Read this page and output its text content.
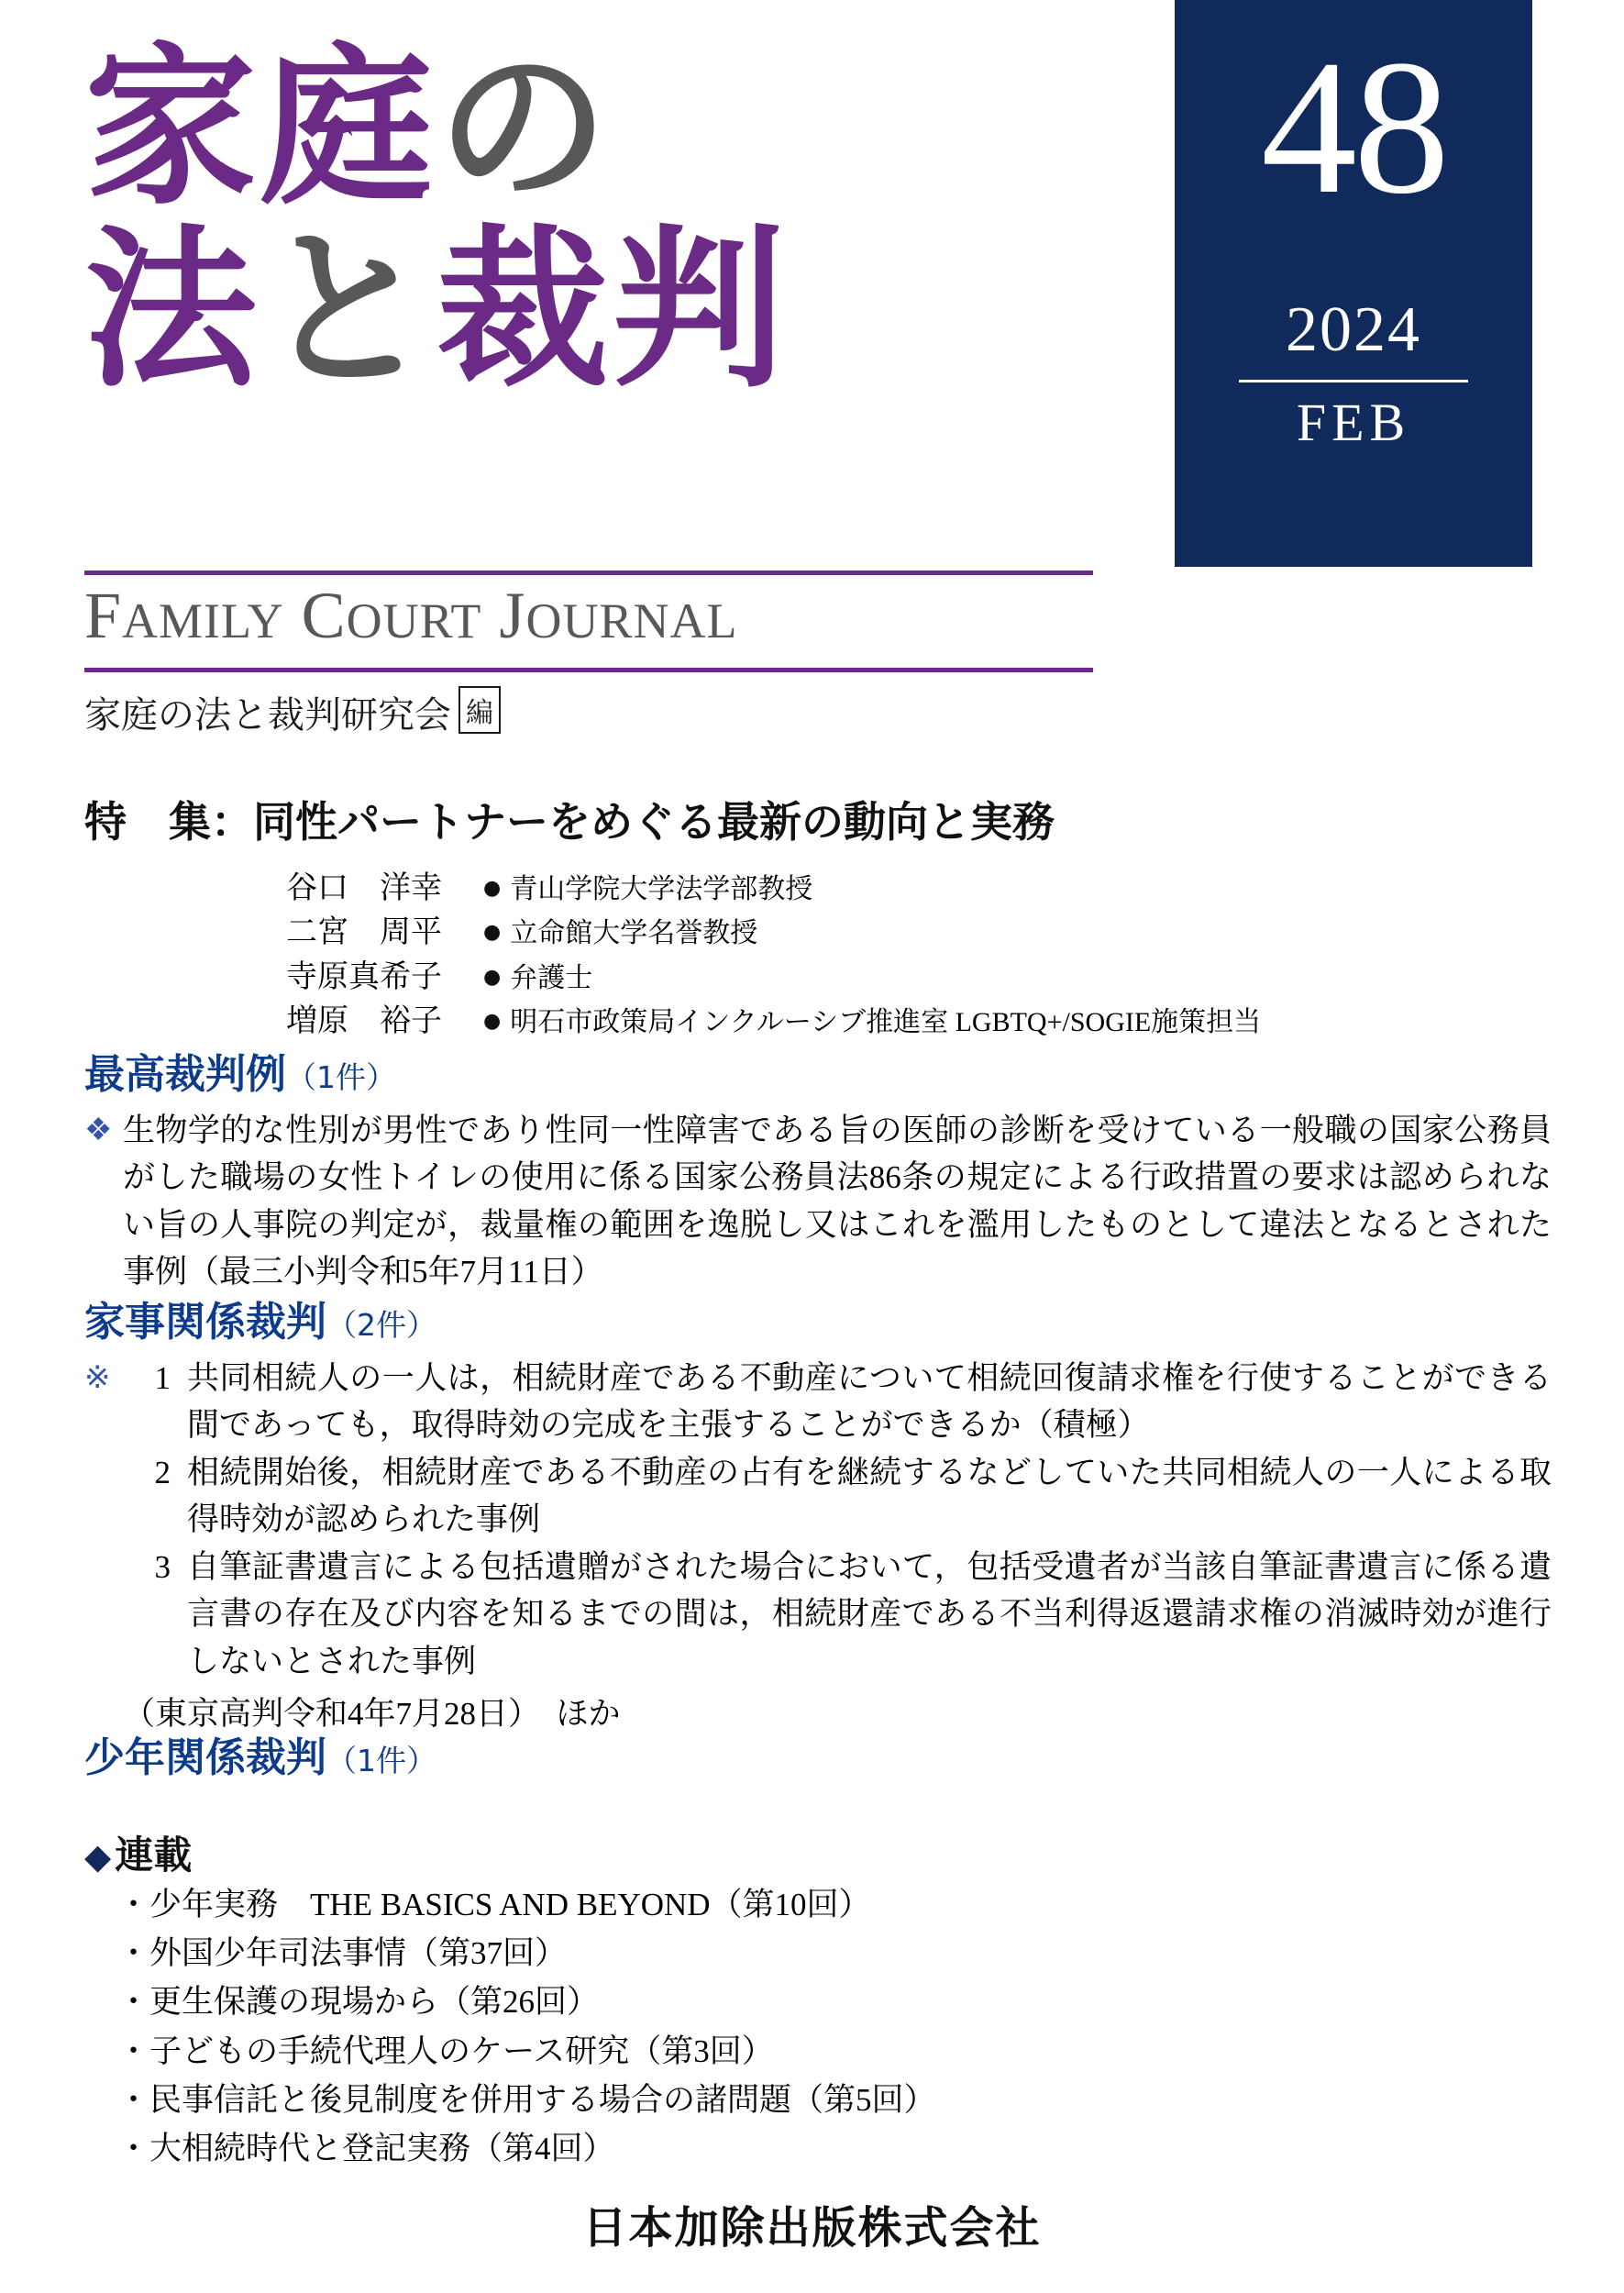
48
2024
FEB
家庭の
法と裁判
FAMILY COURT JOURNAL
家庭の法と裁判研究会 編
特　集：同性パートナーをめぐる最新の動向と実務
谷口　洋幸 ● 青山学院大学法学部教授
二宮　周平 ● 立命館大学名誉教授
寺原真希子 ● 弁護士
増原　裕子 ● 明石市政策局インクルーシブ推進室 LGBTQ+/SOGIE施策担当
最高裁判例（1件）
❖ 生物学的な性別が男性であり性同一性障害である旨の医師の診断を受けている一般職の国家公務員がした職場の女性トイレの使用に係る国家公務員法86条の規定による行政措置の要求は認められない旨の人事院の判定が，裁量権の範囲を逸脱し又はこれを濫用したものとして違法となるとされた事例（最三小判令和5年7月11日）
家事関係裁判（2件）
※	1 共同相続人の一人は，相続財産である不動産について相続回復請求権を行使することができる間であっても，取得時効の完成を主張することができるか（積極）
2 相続開始後，相続財産である不動産の占有を継続するなどしていた共同相続人の一人による取得時効が認められた事例
3 自筆証書遺言による包括遺贈がされた場合において，包括受遺者が当該自筆証書遺言に係る遺言書の存在及び内容を知るまでの間は，相続財産である不当利得返還請求権の消滅時効が進行しないとされた事例
（東京高判令和4年7月28日）　ほか
少年関係裁判（1件）
◆連載
・少年実務　THE BASICS AND BEYOND（第10回）
・外国少年司法事情（第37回）
・更生保護の現場から（第26回）
・子どもの手続代理人のケース研究（第3回）
・民事信託と後見制度を併用する場合の諸問題（第5回）
・大相続時代と登記実務（第4回）
日本加除出版株式会社
